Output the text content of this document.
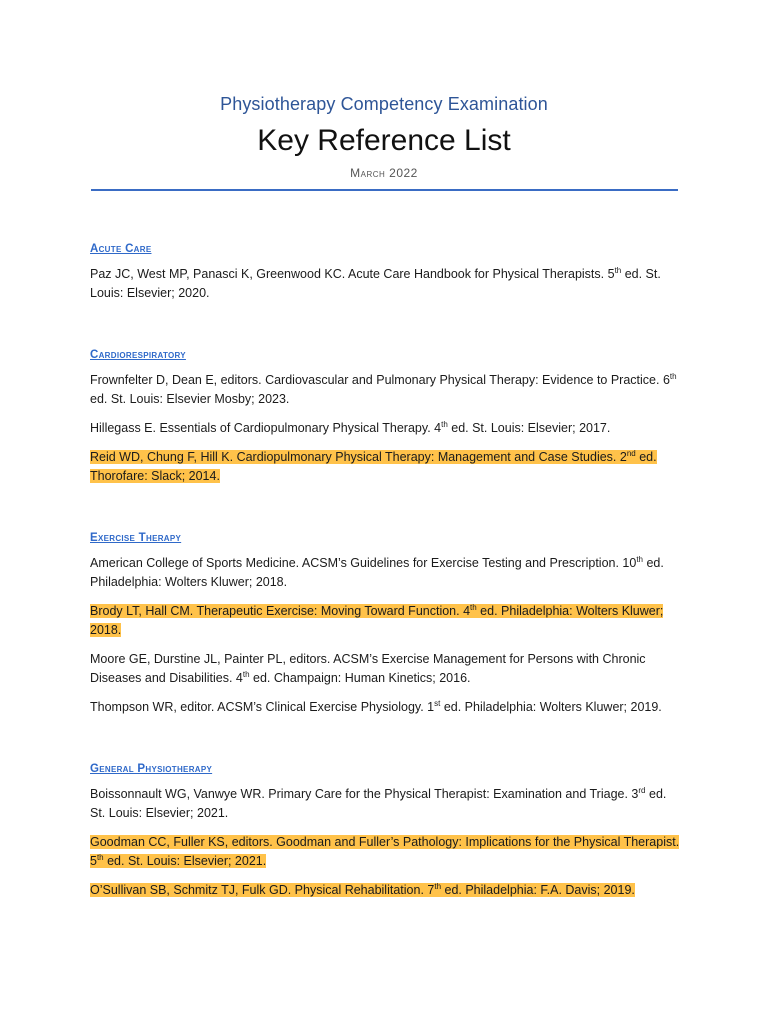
Physiotherapy Competency Examination
Key Reference List
March 2022
Acute Care

Paz JC, West MP, Panasci K, Greenwood KC. Acute Care Handbook for Physical Therapists. 5th ed. St. Louis: Elsevier; 2020.

Cardiorespiratory

Frownfelter D, Dean E, editors. Cardiovascular and Pulmonary Physical Therapy: Evidence to Practice. 6th ed. St. Louis: Elsevier Mosby; 2023.

Hillegass E. Essentials of Cardiopulmonary Physical Therapy. 4th ed. St. Louis: Elsevier; 2017.

Reid WD, Chung F, Hill K. Cardiopulmonary Physical Therapy: Management and Case Studies. 2nd ed. Thorofare: Slack; 2014.

Exercise Therapy

American College of Sports Medicine. ACSM’s Guidelines for Exercise Testing and Prescription. 10th ed. Philadelphia: Wolters Kluwer; 2018.

Brody LT, Hall CM. Therapeutic Exercise: Moving Toward Function. 4th ed. Philadelphia: Wolters Kluwer; 2018.

Moore GE, Durstine JL, Painter PL, editors. ACSM’s Exercise Management for Persons with Chronic Diseases and Disabilities. 4th ed. Champaign: Human Kinetics; 2016.

Thompson WR, editor. ACSM’s Clinical Exercise Physiology. 1st ed. Philadelphia: Wolters Kluwer; 2019.

General Physiotherapy

Boissonnault WG, Vanwye WR. Primary Care for the Physical Therapist: Examination and Triage. 3rd ed. St. Louis: Elsevier; 2021.

Goodman CC, Fuller KS, editors. Goodman and Fuller’s Pathology: Implications for the Physical Therapist. 5th ed. St. Louis: Elsevier; 2021.

O’Sullivan SB, Schmitz TJ, Fulk GD. Physical Rehabilitation. 7th ed. Philadelphia: F.A. Davis; 2019.
